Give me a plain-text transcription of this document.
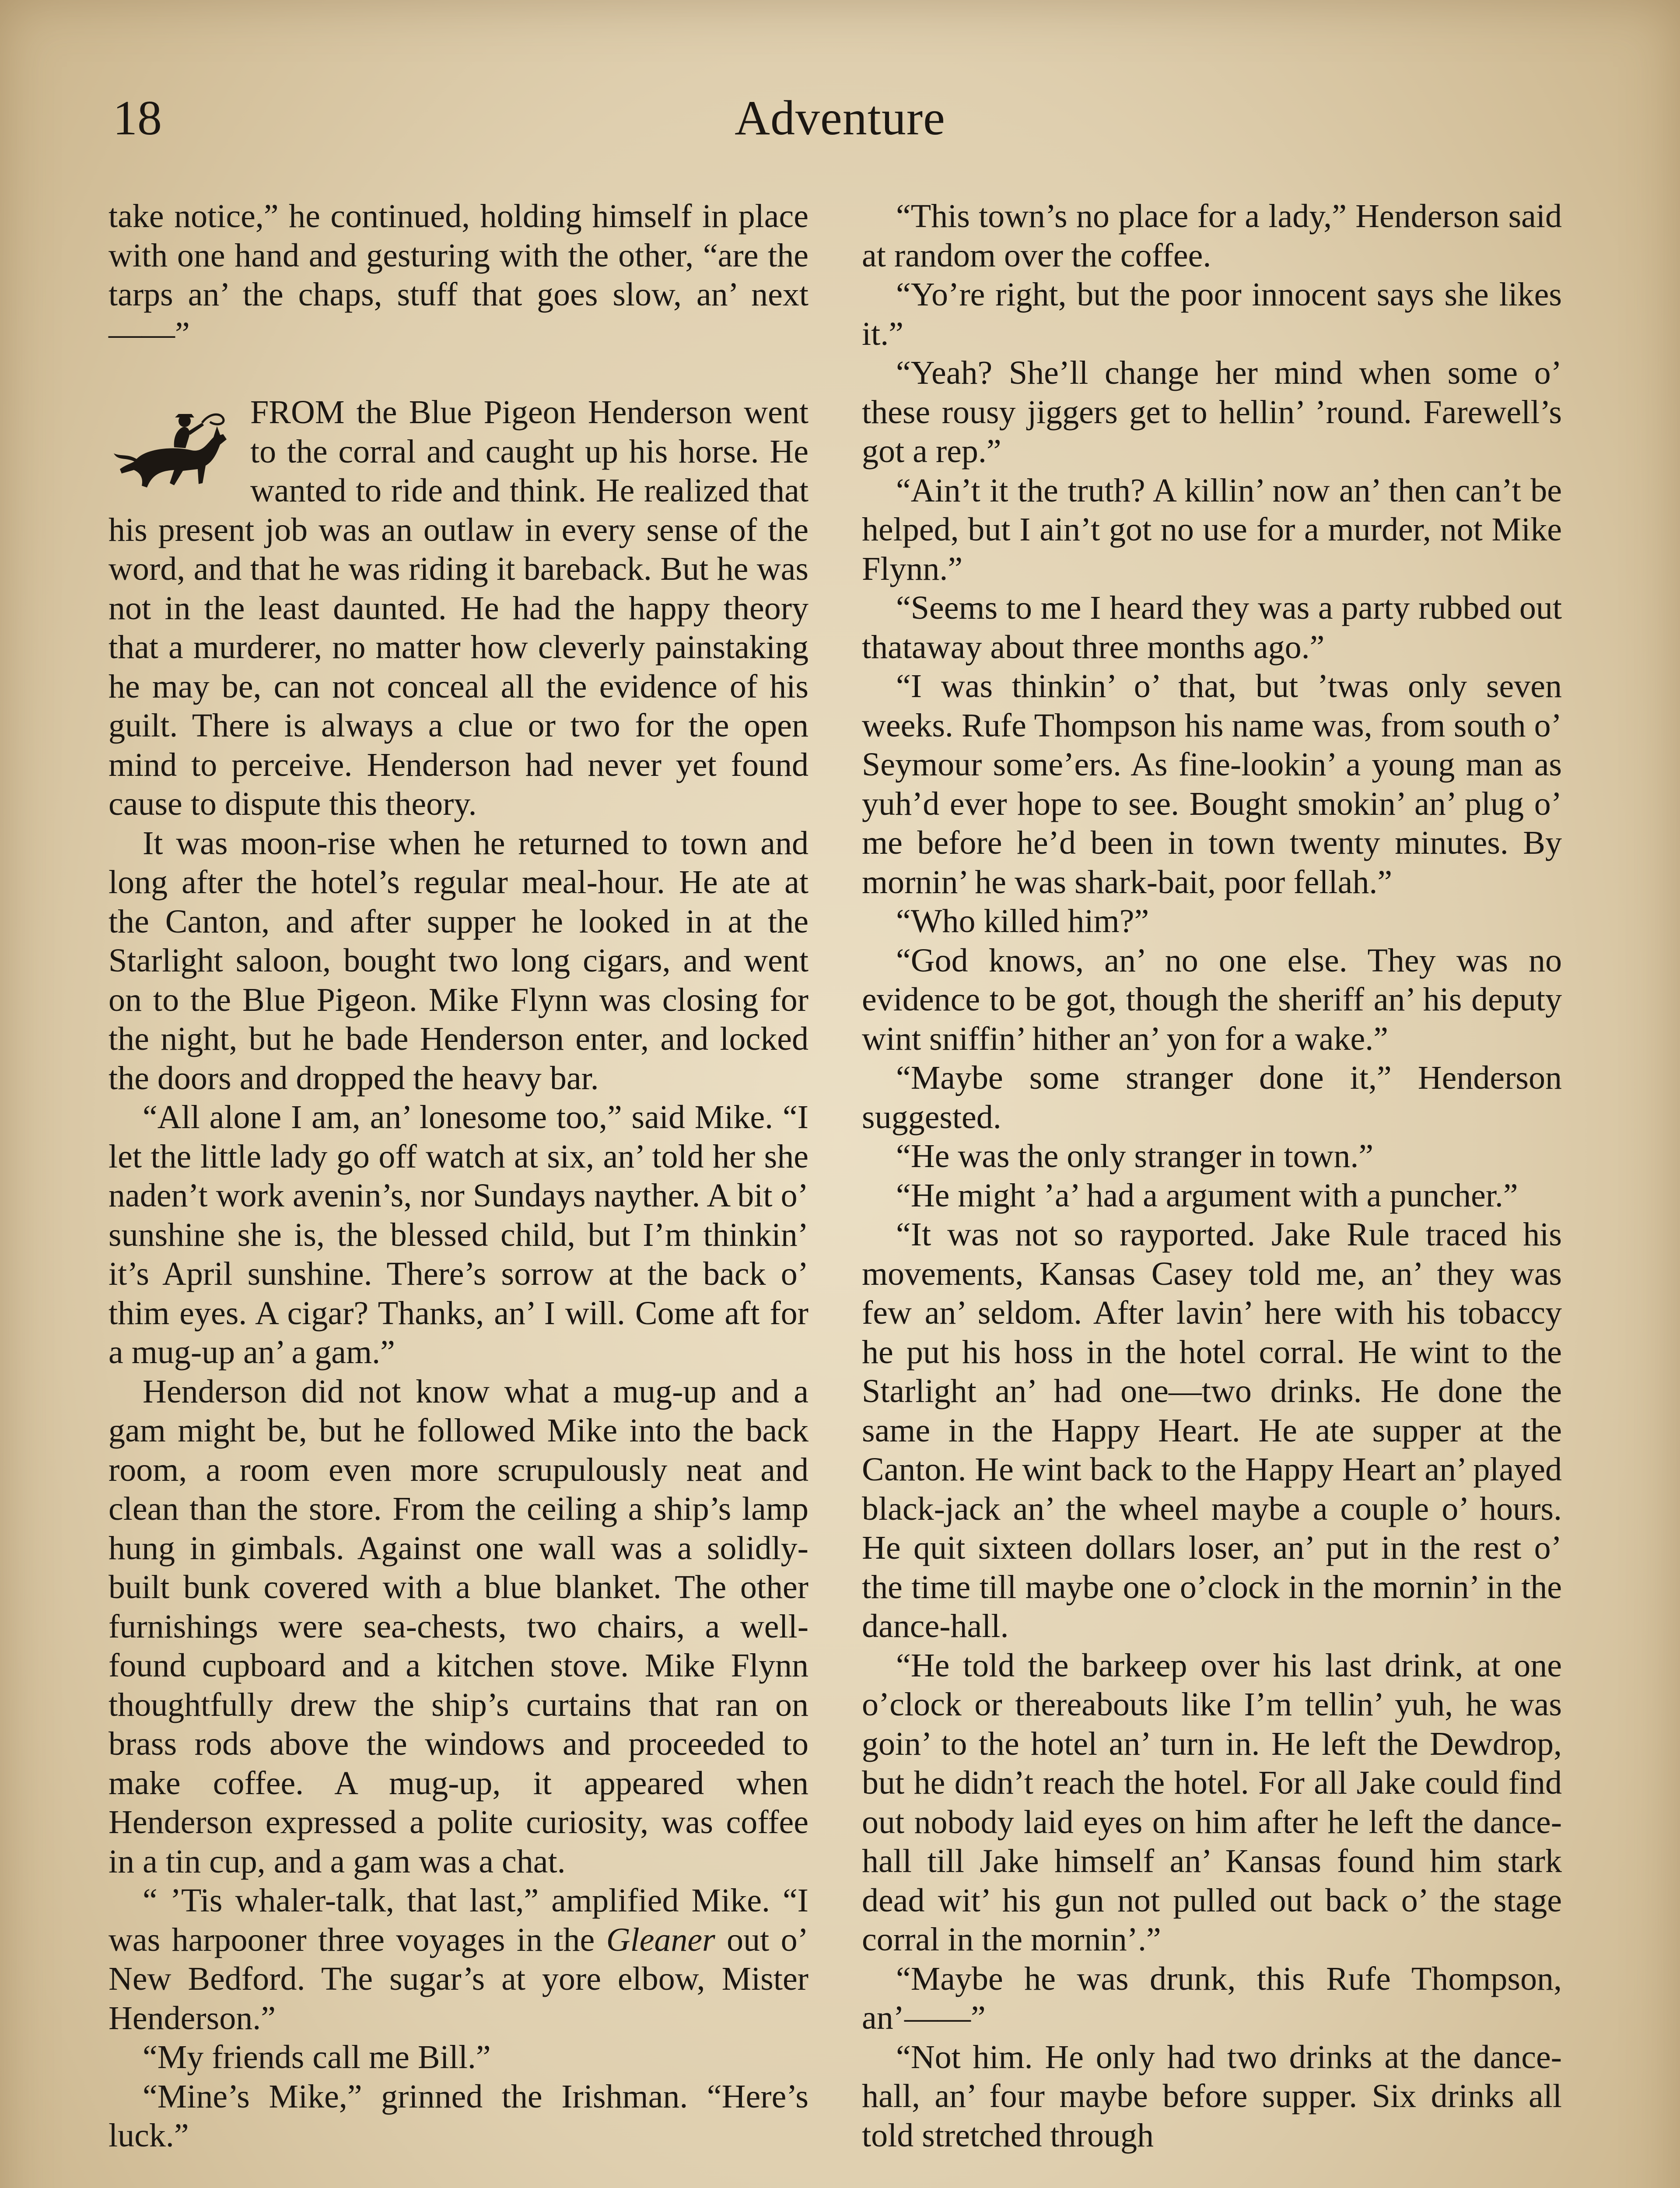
18	Adventure

take notice,” he continued, holding himself in place with one hand and gesturing with the other, “are the tarps an’ the chaps, stuff that goes slow, an’ next——”

FROM the Blue Pigeon Henderson went to the corral and caught up his horse. He wanted to ride and think. He realized that his present job was an outlaw in every sense of the word, and that he was riding it bareback. But he was not in the least daunted. He had the happy theory that a murderer, no matter how cleverly painstaking he may be, can not conceal all the evidence of his guilt. There is always a clue or two for the open mind to perceive. Henderson had never yet found cause to dispute this theory.

It was moon-rise when he returned to town and long after the hotel’s regular meal-hour. He ate at the Canton, and after supper he looked in at the Starlight saloon, bought two long cigars, and went on to the Blue Pigeon. Mike Flynn was closing for the night, but he bade Henderson enter, and locked the doors and dropped the heavy bar.

“All alone I am, an’ lonesome too,” said Mike. “I let the little lady go off watch at six, an’ told her she naden’t work avenin’s, nor Sundays nayther. A bit o’ sunshine she is, the blessed child, but I’m thinkin’ it’s April sunshine. There’s sorrow at the back o’ thim eyes. A cigar? Thanks, an’ I will. Come aft for a mug-up an’ a gam.”

Henderson did not know what a mug-up and a gam might be, but he followed Mike into the back room, a room even more scrupulously neat and clean than the store. From the ceiling a ship’s lamp hung in gimbals. Against one wall was a solidly-built bunk covered with a blue blanket. The other furnishings were sea-chests, two chairs, a well-found cupboard and a kitchen stove. Mike Flynn thoughtfully drew the ship’s curtains that ran on brass rods above the windows and proceeded to make coffee. A mug-up, it appeared when Henderson expressed a polite curiosity, was coffee in a tin cup, and a gam was a chat.

“ ’Tis whaler-talk, that last,” amplified Mike. “I was harpooner three voyages in the Gleaner out o’ New Bedford. The sugar’s at yore elbow, Mister Henderson.”

“My friends call me Bill.”

“Mine’s Mike,” grinned the Irishman. “Here’s luck.”

“This town’s no place for a lady,” Henderson said at random over the coffee.

“Yo’re right, but the poor innocent says she likes it.”

“Yeah? She’ll change her mind when some o’ these rousy jiggers get to hellin’ ’round. Farewell’s got a rep.”

“Ain’t it the truth? A killin’ now an’ then can’t be helped, but I ain’t got no use for a murder, not Mike Flynn.”

“Seems to me I heard they was a party rubbed out thataway about three months ago.”

“I was thinkin’ o’ that, but ’twas only seven weeks. Rufe Thompson his name was, from south o’ Seymour some’ers. As fine-lookin’ a young man as yuh’d ever hope to see. Bought smokin’ an’ plug o’ me before he’d been in town twenty minutes. By mornin’ he was shark-bait, poor fellah.”

“Who killed him?”

“God knows, an’ no one else. They was no evidence to be got, though the sheriff an’ his deputy wint sniffin’ hither an’ yon for a wake.”

“Maybe some stranger done it,” Henderson suggested.

“He was the only stranger in town.”

“He might ’a’ had a argument with a puncher.”

“It was not so rayported. Jake Rule traced his movements, Kansas Casey told me, an’ they was few an’ seldom. After lavin’ here with his tobaccy he put his hoss in the hotel corral. He wint to the Starlight an’ had one—two drinks. He done the same in the Happy Heart. He ate supper at the Canton. He wint back to the Happy Heart an’ played black-jack an’ the wheel maybe a couple o’ hours. He quit sixteen dollars loser, an’ put in the rest o’ the time till maybe one o’clock in the mornin’ in the dance-hall.

“He told the barkeep over his last drink, at one o’clock or thereabouts like I’m tellin’ yuh, he was goin’ to the hotel an’ turn in. He left the Dewdrop, but he didn’t reach the hotel. For all Jake could find out nobody laid eyes on him after he left the dance-hall till Jake himself an’ Kansas found him stark dead wit’ his gun not pulled out back o’ the stage corral in the mornin’.”

“Maybe he was drunk, this Rufe Thompson, an’——”

“Not him. He only had two drinks at the dance-hall, an’ four maybe before supper. Six drinks all told stretched through
